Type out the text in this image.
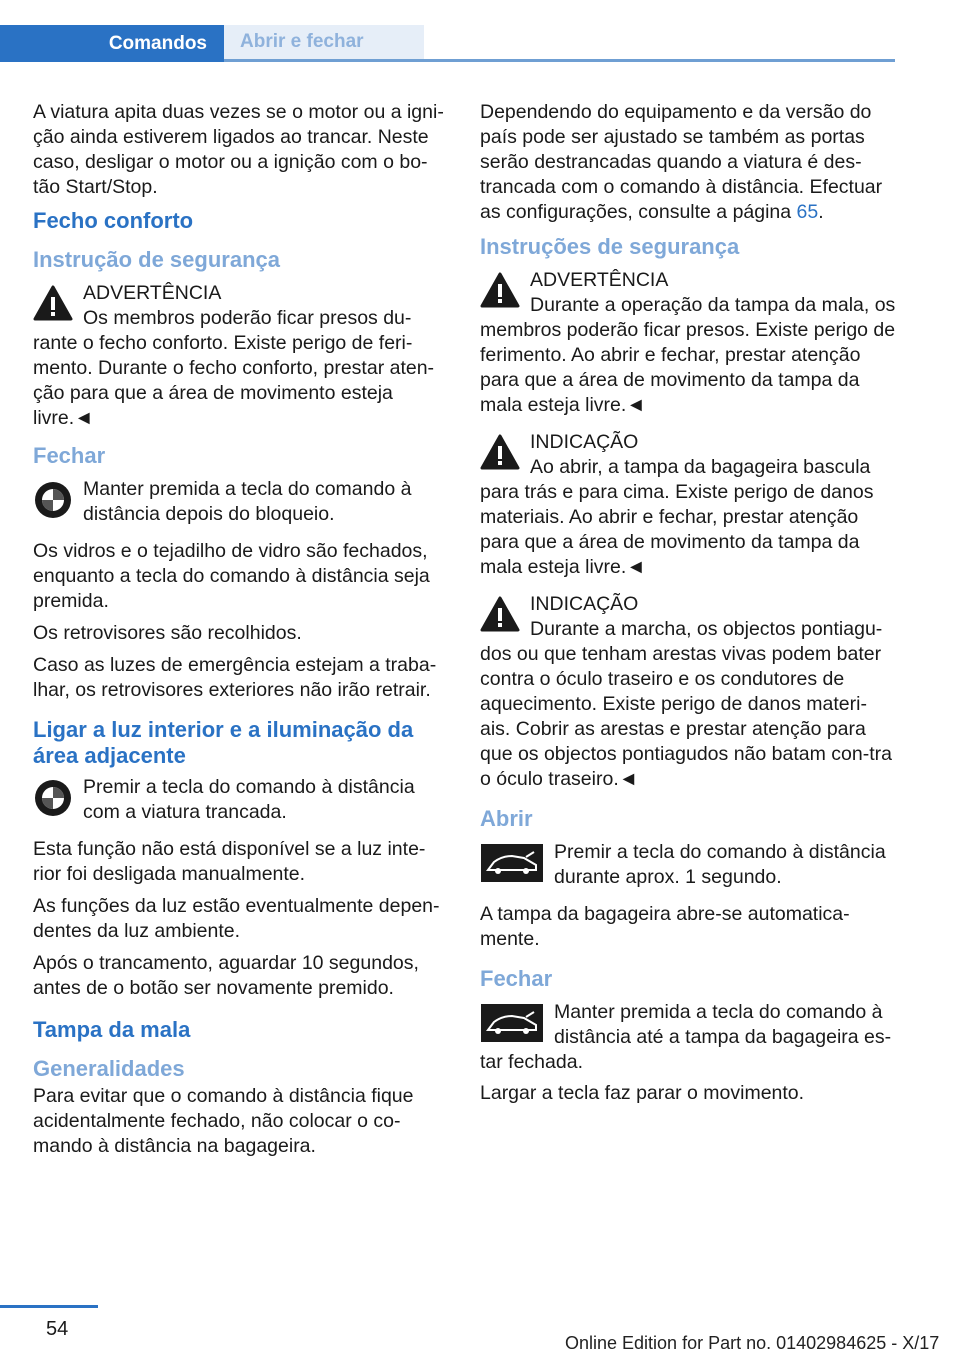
Comandos	Abrir e fechar

A viatura apita duas vezes se o motor ou a igni-ção ainda estiverem ligados ao trancar. Neste caso, desligar o motor ou a ignição com o bo-tão Start/Stop.

Fecho conforto
Instrução de segurança
ADVERTÊNCIA
Os membros poderão ficar presos du-rante o fecho conforto. Existe perigo de feri-mento. Durante o fecho conforto, prestar aten-ção para que a área de movimento esteja livre.◄
Fechar
Manter premida a tecla do comando à distância depois do bloqueio.

Os vidros e o tejadilho de vidro são fechados, enquanto a tecla do comando à distância seja premida.

Os retrovisores são recolhidos.

Caso as luzes de emergência estejam a traba-lhar, os retrovisores exteriores não irão retrair.

Ligar a luz interior e a iluminação da área adjacente
Premir a tecla do comando à distância com a viatura trancada.

Esta função não está disponível se a luz inte-rior foi desligada manualmente.

As funções da luz estão eventualmente depen-dentes da luz ambiente.

Após o trancamento, aguardar 10 segundos, antes de o botão ser novamente premido.

Tampa da mala
Generalidades

Para evitar que o comando à distância fique acidentalmente fechado, não colocar o co-mando à distância na bagageira.

Dependendo do equipamento e da versão do país pode ser ajustado se também as portas serão destrancadas quando a viatura é des-trancada com o comando à distância. Efectuar as configurações, consulte a página 65.

Instruções de segurança
ADVERTÊNCIA
Durante a operação da tampa da mala, os membros poderão ficar presos. Existe perigo de ferimento. Ao abrir e fechar, prestar atenção para que a área de movimento da tampa da mala esteja livre.◄
INDICAÇÃO
Ao abrir, a tampa da bagageira bascula para trás e para cima. Existe perigo de danos materiais. Ao abrir e fechar, prestar atenção para que a área de movimento da tampa da mala esteja livre.◄
INDICAÇÃO
Durante a marcha, os objectos pontiagu-dos ou que tenham arestas vivas podem bater contra o óculo traseiro e os condutores de aquecimento. Existe perigo de danos materi-ais. Cobrir as arestas e prestar atenção para que os objectos pontiagudos não batam con-tra o óculo traseiro.◄
Abrir
Premir a tecla do comando à distância durante aprox. 1 segundo.

A tampa da bagageira abre-se automatica-mente.

Fechar
Manter premida a tecla do comando à distância até a tampa da bagageira es-tar fechada.

Largar a tecla faz parar o movimento.

54
Online Edition for Part no. 01402984625 - X/17
